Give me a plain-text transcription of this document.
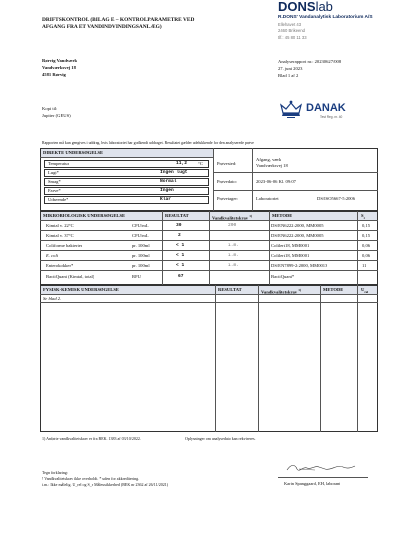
DRIFTSKONTROL (BILAG E – KONTROLPARAMETRE VED
AFGANG FRA ET VANDINDVINDINGSANLÆG)
DONSlab
R.DONS' Vandanalytisk Laboratorium A/S
Ellehavet 43
2460 Brikeend
tlf.: 45 80 11 33
Rørvig Vandværk
Vandværksvej 18
4581 Rørvig
Analyserapport nr.: 20230627/008
27. juni 2023
Blad 1 af 2
Kopi til:
Jupiter (GEUS)
DANAK
Test Reg. nr. 40
Rapporten må kun gengives i uddrag, hvis laboratoriet har godkendt uddraget. Resultatet gælder udelukkende for den analyserede prøve
DIREKTE UNDERSØGELSE
Temperatur	11,2 °C
Lugt*	Ingen lugt
Smag*	Normal
Farve*	Ingen
Udseende*	Klar
Prøvested:
Afgang, værk
Vandværksvej 18
Prøvedato:	2023-06-06 Kl. 09:07
Prøvetager:	Laboratoriet	DS/ISO5667-5:2006
MIKROBIOLOGISK UNDERSØGELSE	RESULTAT
Vandkvalitetskrav $^{1)}$	METODE	$S_r$
Kimtal v. 22°C	CFU/mL	30	200	DS/EN6222:2000, MM0005	0,15
Kimtal v. 37°C	CFU/mL	2	DS/EN6222:2000, MM0005	0,15
Coliforme bakterier	pr. 100ml	< 1	i.m.	Colilert18, MM0001	0,06
E. coli	pr. 100ml	< 1	i.m.	Colilert18, MM0001	0,06
Enterokokker*	pr. 100ml	< 1	i.m.	DS/EN7899-2:2000, MM0013	11
BactiQuant (Kimtal, total)	RFU	67	BactiQuant*
FYSISK-KEMISK UNDERSØGELSE	RESULTAT
Vandkvalitetskrav $^{1)}$	METODE	$U_{rel}$
Se blad 2.
1) Anførte vandkvalitetskrav er fra BEK. 1383 af 03/10/2022.	Oplysninger om analysedato kan rekvireres.
Tegn forklaring:
! Vandkvalitetskrav ikke overholdt. * uden for akkreditering.
i.m.: Ikke målelig. U_rel og S_r Måleusikkerhed (BEK nr 2362 af 26/11/2021)	Karin Spanggaard, EH, laborant
